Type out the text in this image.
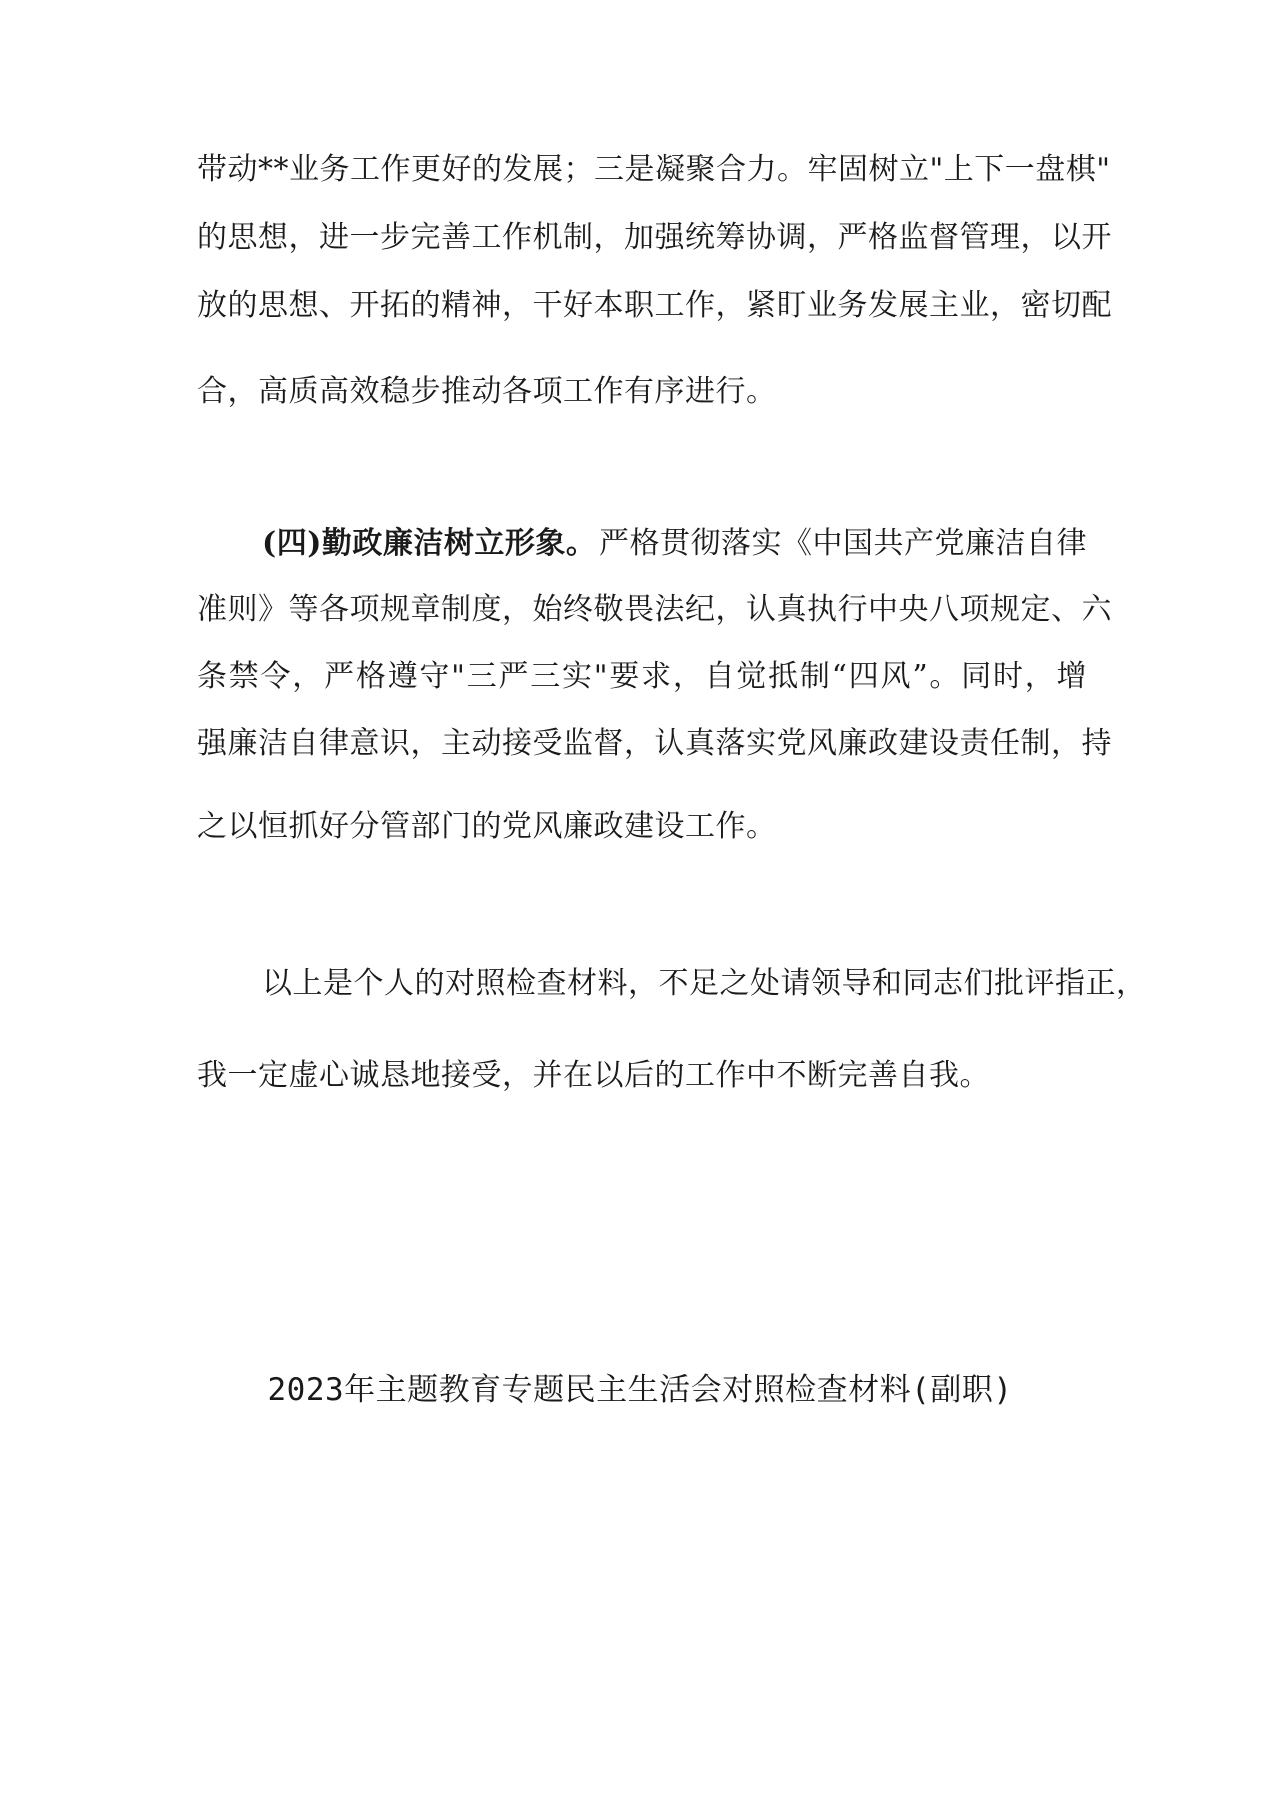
带动**业务工作更好的发展；三是凝聚合力。牢固树立"上下一盘棋"
的思想，进一步完善工作机制，加强统筹协调，严格监督管理，以开
放的思想、开拓的精神，干好本职工作，紧盯业务发展主业，密切配
合，高质高效稳步推动各项工作有序进行。
(四)勤政廉洁树立形象。 严格贯彻落实《中国共产党廉洁自律
准则》等各项规章制度，始终敬畏法纪，认真执行中央八项规定、六
条禁令，严格遵守"三严三实"要求，自觉抵制“四风”。同时，增
强廉洁自律意识，主动接受监督，认真落实党风廉政建设责任制，持
之以恒抓好分管部门的党风廉政建设工作。
以上是个人的对照检查材料，不足之处请领导和同志们批评指正，
我一定虚心诚恳地接受，并在以后的工作中不断完善自我。
2023年主题教育专题民主生活会对照检查材料(副职)
